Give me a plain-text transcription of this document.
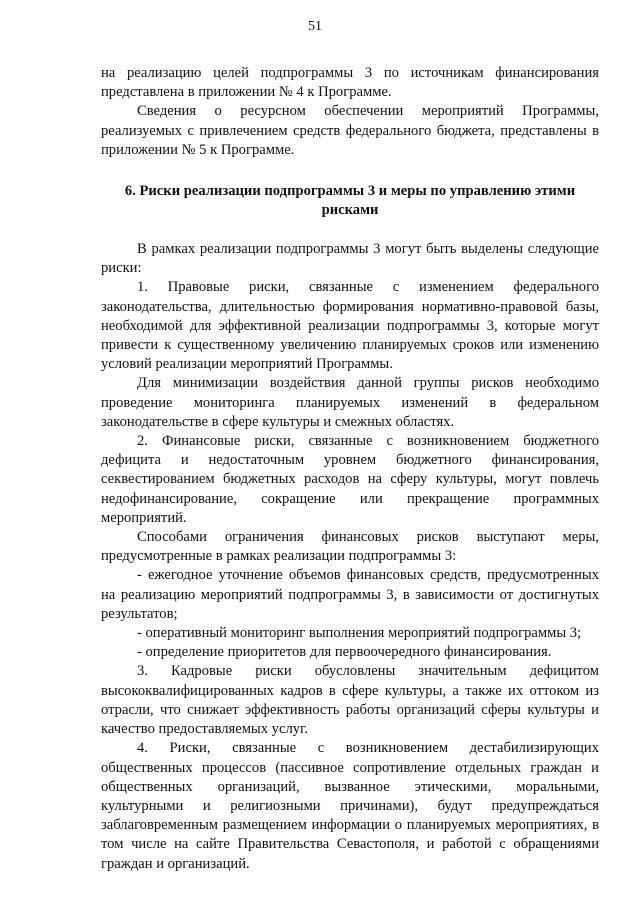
51

на реализацию целей подпрограммы 3 по источникам финансирования представлена в приложении № 4 к Программе.

Сведения о ресурсном обеспечении мероприятий Программы, реализуемых с привлечением средств федерального бюджета, представлены в приложении № 5 к Программе.

6. Риски реализации подпрограммы 3 и меры по управлению этими рисками

В рамках реализации подпрограммы 3 могут быть выделены следующие риски:

1. Правовые риски, связанные с изменением федерального законодательства, длительностью формирования нормативно-правовой базы, необходимой для эффективной реализации подпрограммы 3, которые могут привести к существенному увеличению планируемых сроков или изменению условий реализации мероприятий Программы.

Для минимизации воздействия данной группы рисков необходимо проведение мониторинга планируемых изменений в федеральном законодательстве в сфере культуры и смежных областях.

2. Финансовые риски, связанные с возникновением бюджетного дефицита и недостаточным уровнем бюджетного финансирования, секвестированием бюджетных расходов на сферу культуры, могут повлечь недофинансирование, сокращение или прекращение программных мероприятий.

Способами ограничения финансовых рисков выступают меры, предусмотренные в рамках реализации подпрограммы 3:

- ежегодное уточнение объемов финансовых средств, предусмотренных на реализацию мероприятий подпрограммы 3, в зависимости от достигнутых результатов;

- оперативный мониторинг выполнения мероприятий подпрограммы 3;

- определение приоритетов для первоочередного финансирования.

3. Кадровые риски обусловлены значительным дефицитом высококвалифицированных кадров в сфере культуры, а также их оттоком из отрасли, что снижает эффективность работы организаций сферы культуры и качество предоставляемых услуг.

4. Риски, связанные с возникновением дестабилизирующих общественных процессов (пассивное сопротивление отдельных граждан и общественных организаций, вызванное этическими, моральными, культурными и религиозными причинами), будут предупреждаться заблаговременным размещением информации о планируемых мероприятиях, в том числе на сайте Правительства Севастополя, и работой с обращениями граждан и организаций.
